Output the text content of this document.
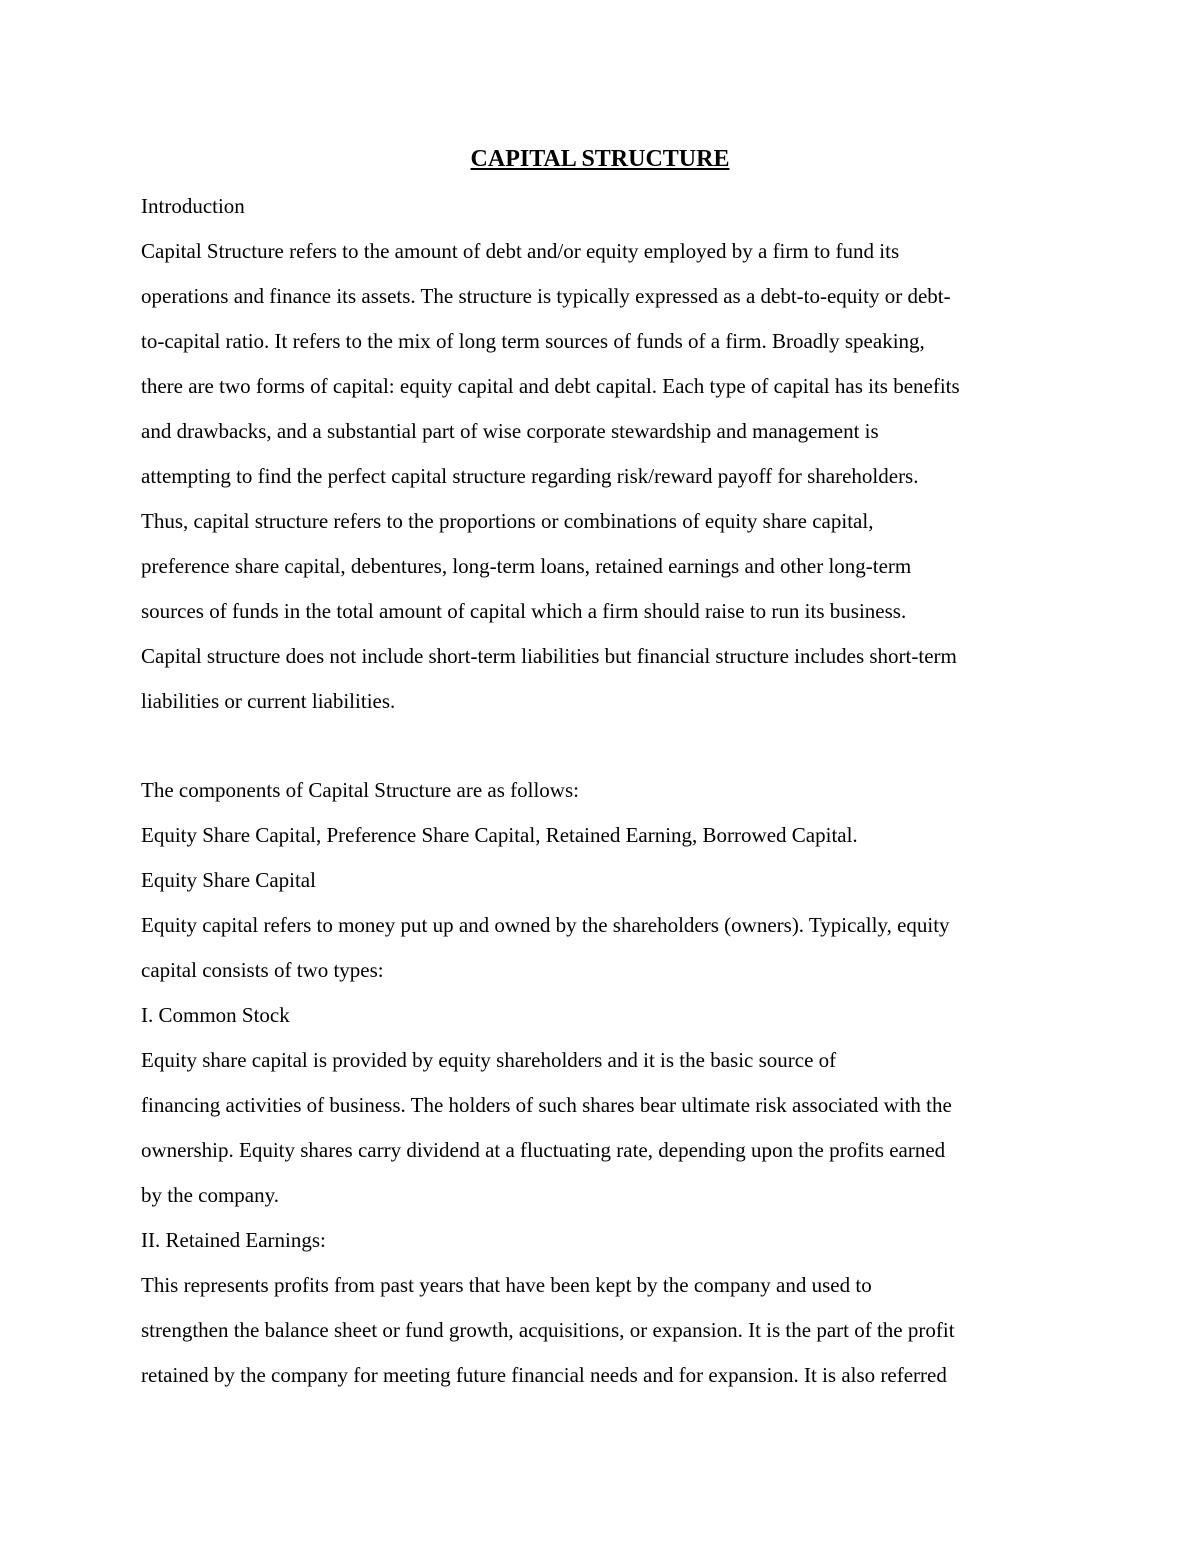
CAPITAL STRUCTURE
Introduction
Capital Structure refers to the amount of debt and/or equity employed by a firm to fund its
operations and finance its assets. The structure is typically expressed as a debt-to-equity or debt-
to-capital ratio. It refers to the mix of long term sources of funds of a firm. Broadly speaking,
there are two forms of capital: equity capital and debt capital. Each type of capital has its benefits
and drawbacks, and a substantial part of wise corporate stewardship and management is
attempting to find the perfect capital structure regarding risk/reward payoff for shareholders.
Thus, capital structure refers to the proportions or combinations of equity share capital,
preference share capital, debentures, long-term loans, retained earnings and other long-term
sources of funds in the total amount of capital which a firm should raise to run its business.
Capital structure does not include short-term liabilities but financial structure includes short-term
liabilities or current liabilities.
The components of Capital Structure are as follows:
Equity Share Capital, Preference Share Capital, Retained Earning, Borrowed Capital.
Equity Share Capital
Equity capital refers to money put up and owned by the shareholders (owners). Typically, equity
capital consists of two types:
I. Common Stock
Equity share capital is provided by equity shareholders and it is the basic source of
financing activities of business. The holders of such shares bear ultimate risk associated with the
ownership. Equity shares carry dividend at a fluctuating rate, depending upon the profits earned
by the company.
II. Retained Earnings:
This represents profits from past years that have been kept by the company and used to
strengthen the balance sheet or fund growth, acquisitions, or expansion. It is the part of the profit
retained by the company for meeting future financial needs and for expansion. It is also referred
